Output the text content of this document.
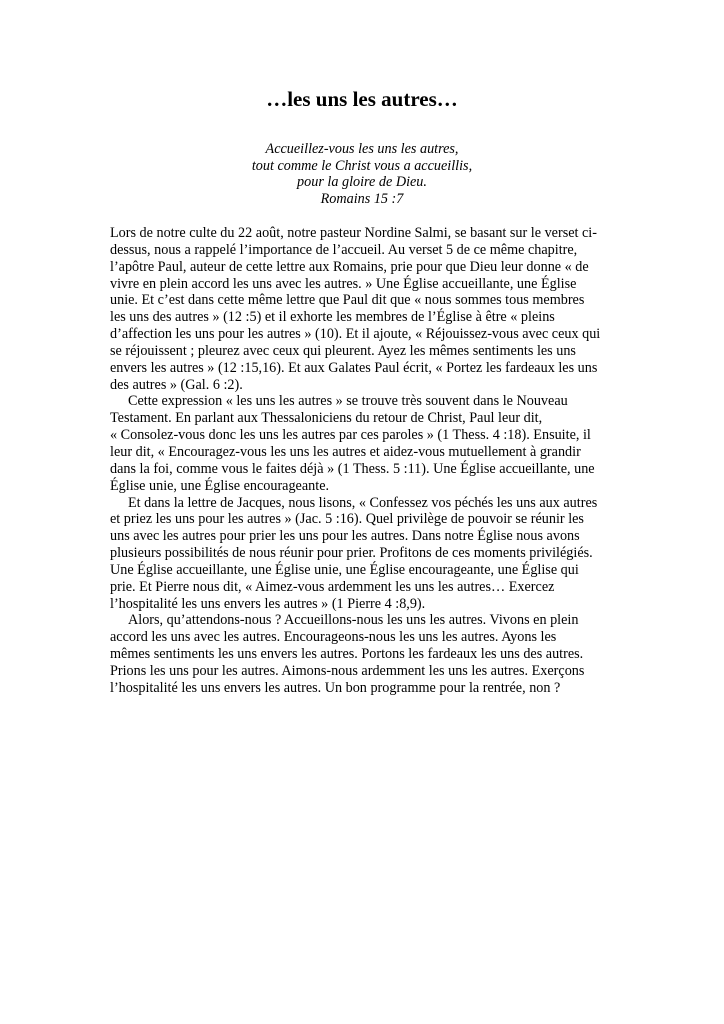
…les uns les autres…
Accueillez-vous les uns les autres,
tout comme le Christ vous a accueillis,
pour la gloire de Dieu.
Romains 15 :7
Lors de notre culte du 22 août, notre pasteur Nordine Salmi, se basant sur le verset ci-
dessus, nous a rappelé l’importance de l’accueil. Au verset 5 de ce même chapitre,
l’apôtre Paul, auteur de cette lettre aux Romains, prie pour que Dieu leur donne « de
vivre en plein accord les uns avec les autres. » Une Église accueillante, une Église
unie. Et c’est dans cette même lettre que Paul dit que « nous sommes tous membres
les uns des autres » (12 :5) et il exhorte les membres de l’Église à être « pleins
d’affection les uns pour les autres » (10). Et il ajoute, « Réjouissez-vous avec ceux qui
se réjouissent ; pleurez avec ceux qui pleurent. Ayez les mêmes sentiments les uns
envers les autres » (12 :15,16). Et aux Galates Paul écrit, « Portez les fardeaux les uns
des autres » (Gal. 6 :2).
Cette expression « les uns les autres » se trouve très souvent dans le Nouveau
Testament. En parlant aux Thessaloniciens du retour de Christ, Paul leur dit,
« Consolez-vous donc les uns les autres par ces paroles » (1 Thess. 4 :18). Ensuite, il
leur dit, « Encouragez-vous les uns les autres et aidez-vous mutuellement à grandir
dans la foi, comme vous le faites déjà » (1 Thess. 5 :11). Une Église accueillante, une
Église unie, une Église encourageante.
Et dans la lettre de Jacques, nous lisons, « Confessez vos péchés les uns aux autres
et priez les uns pour les autres » (Jac. 5 :16). Quel privilège de pouvoir se réunir les
uns avec les autres pour prier les uns pour les autres. Dans notre Église nous avons
plusieurs possibilités de nous réunir pour prier. Profitons de ces moments privilégiés.
Une Église accueillante, une Église unie, une Église encourageante, une Église qui
prie. Et Pierre nous dit, « Aimez-vous ardemment les uns les autres… Exercez
l’hospitalité les uns envers les autres » (1 Pierre 4 :8,9).
Alors, qu’attendons-nous ? Accueillons-nous les uns les autres. Vivons en plein
accord les uns avec les autres. Encourageons-nous les uns les autres. Ayons les
mêmes sentiments les uns envers les autres. Portons les fardeaux les uns des autres.
Prions les uns pour les autres. Aimons-nous ardemment les uns les autres. Exerçons
l’hospitalité les uns envers les autres. Un bon programme pour la rentrée, non ?
